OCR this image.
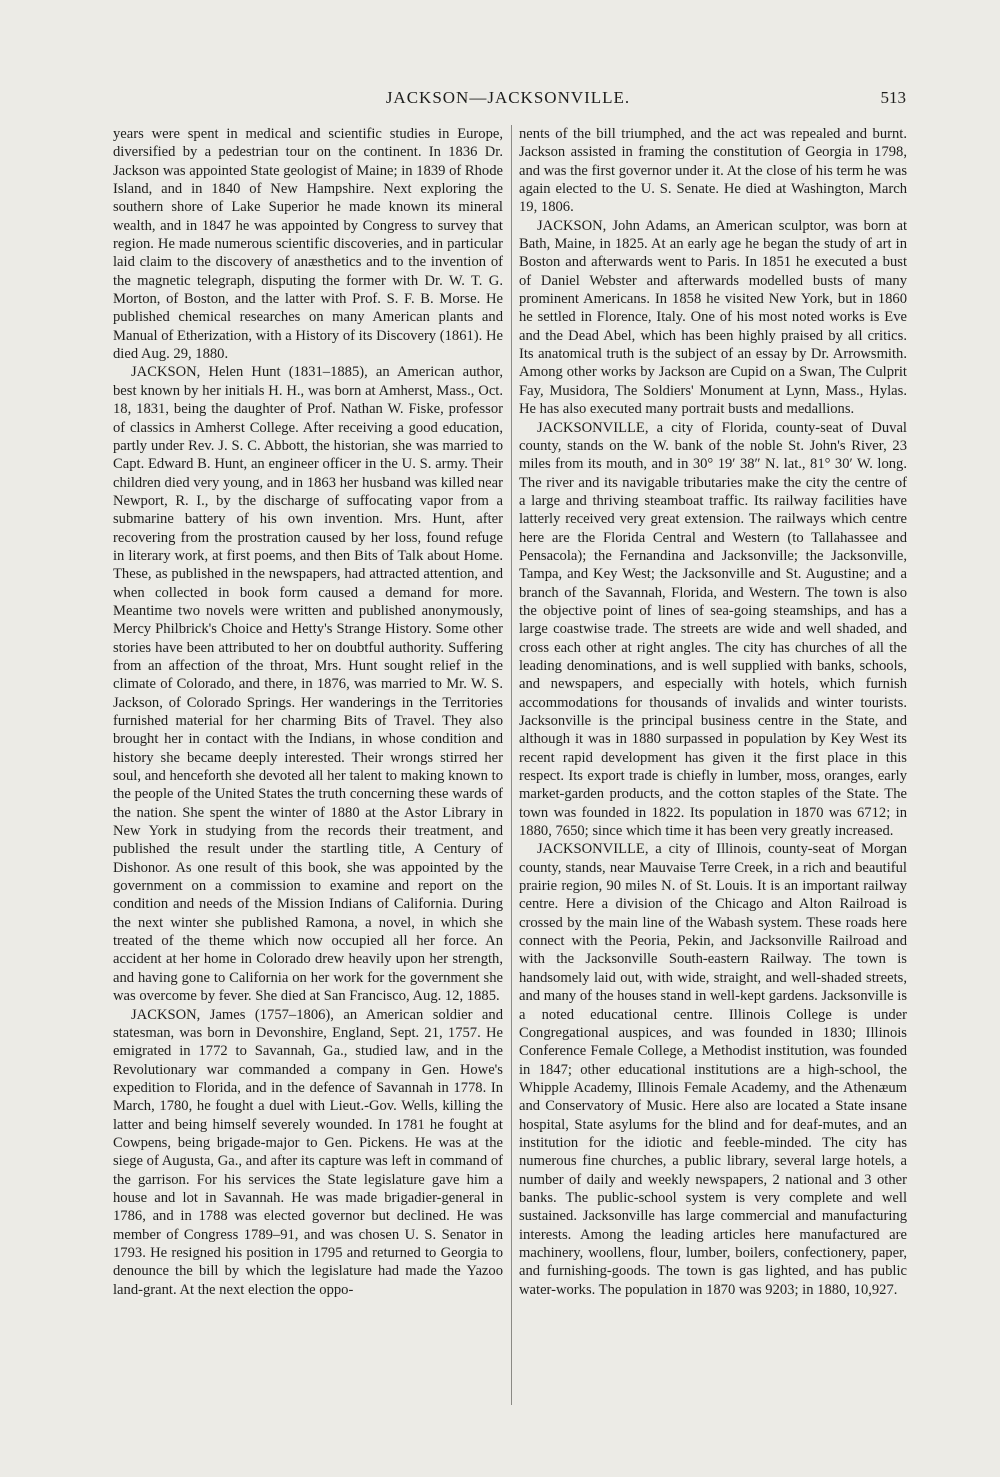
JACKSON—JACKSONVILLE.	513

years were spent in medical and scientific studies in Europe, diversified by a pedestrian tour on the continent. In 1836 Dr. Jackson was appointed State geologist of Maine; in 1839 of Rhode Island, and in 1840 of New Hampshire. Next exploring the southern shore of Lake Superior he made known its mineral wealth, and in 1847 he was appointed by Congress to survey that region. He made numerous scientific discoveries, and in particular laid claim to the discovery of anæsthetics and to the invention of the magnetic telegraph, disputing the former with Dr. W. T. G. Morton, of Boston, and the latter with Prof. S. F. B. Morse. He published chemical researches on many American plants and Manual of Etherization, with a History of its Discovery (1861). He died Aug. 29, 1880.

JACKSON, Helen Hunt (1831–1885), an American author, best known by her initials H. H., was born at Amherst, Mass., Oct. 18, 1831, being the daughter of Prof. Nathan W. Fiske, professor of classics in Amherst College. After receiving a good education, partly under Rev. J. S. C. Abbott, the historian, she was married to Capt. Edward B. Hunt, an engineer officer in the U. S. army. Their children died very young, and in 1863 her husband was killed near Newport, R. I., by the discharge of suffocating vapor from a submarine battery of his own invention. Mrs. Hunt, after recovering from the prostration caused by her loss, found refuge in literary work, at first poems, and then Bits of Talk about Home. These, as published in the newspapers, had attracted attention, and when collected in book form caused a demand for more. Meantime two novels were written and published anonymously, Mercy Philbrick's Choice and Hetty's Strange History. Some other stories have been attributed to her on doubtful authority. Suffering from an affection of the throat, Mrs. Hunt sought relief in the climate of Colorado, and there, in 1876, was married to Mr. W. S. Jackson, of Colorado Springs. Her wanderings in the Territories furnished material for her charming Bits of Travel. They also brought her in contact with the Indians, in whose condition and history she became deeply interested. Their wrongs stirred her soul, and henceforth she devoted all her talent to making known to the people of the United States the truth concerning these wards of the nation. She spent the winter of 1880 at the Astor Library in New York in studying from the records their treatment, and published the result under the startling title, A Century of Dishonor. As one result of this book, she was appointed by the government on a commission to examine and report on the condition and needs of the Mission Indians of California. During the next winter she published Ramona, a novel, in which she treated of the theme which now occupied all her force. An accident at her home in Colorado drew heavily upon her strength, and having gone to California on her work for the government she was overcome by fever. She died at San Francisco, Aug. 12, 1885.

JACKSON, James (1757–1806), an American soldier and statesman, was born in Devonshire, England, Sept. 21, 1757. He emigrated in 1772 to Savannah, Ga., studied law, and in the Revolutionary war commanded a company in Gen. Howe's expedition to Florida, and in the defence of Savannah in 1778. In March, 1780, he fought a duel with Lieut.-Gov. Wells, killing the latter and being himself severely wounded. In 1781 he fought at Cowpens, being brigade-major to Gen. Pickens. He was at the siege of Augusta, Ga., and after its capture was left in command of the garrison. For his services the State legislature gave him a house and lot in Savannah. He was made brigadier-general in 1786, and in 1788 was elected governor but declined. He was member of Congress 1789–91, and was chosen U. S. Senator in 1793. He resigned his position in 1795 and returned to Georgia to denounce the bill by which the legislature had made the Yazoo land-grant. At the next election the oppo-

nents of the bill triumphed, and the act was repealed and burnt. Jackson assisted in framing the constitution of Georgia in 1798, and was the first governor under it. At the close of his term he was again elected to the U. S. Senate. He died at Washington, March 19, 1806.

JACKSON, John Adams, an American sculptor, was born at Bath, Maine, in 1825. At an early age he began the study of art in Boston and afterwards went to Paris. In 1851 he executed a bust of Daniel Webster and afterwards modelled busts of many prominent Americans. In 1858 he visited New York, but in 1860 he settled in Florence, Italy. One of his most noted works is Eve and the Dead Abel, which has been highly praised by all critics. Its anatomical truth is the subject of an essay by Dr. Arrowsmith. Among other works by Jackson are Cupid on a Swan, The Culprit Fay, Musidora, The Soldiers' Monument at Lynn, Mass., Hylas. He has also executed many portrait busts and medallions.

JACKSONVILLE, a city of Florida, county-seat of Duval county, stands on the W. bank of the noble St. John's River, 23 miles from its mouth, and in 30° 19′ 38″ N. lat., 81° 30′ W. long. The river and its navigable tributaries make the city the centre of a large and thriving steamboat traffic. Its railway facilities have latterly received very great extension. The railways which centre here are the Florida Central and Western (to Tallahassee and Pensacola); the Fernandina and Jacksonville; the Jacksonville, Tampa, and Key West; the Jacksonville and St. Augustine; and a branch of the Savannah, Florida, and Western. The town is also the objective point of lines of sea-going steamships, and has a large coastwise trade. The streets are wide and well shaded, and cross each other at right angles. The city has churches of all the leading denominations, and is well supplied with banks, schools, and newspapers, and especially with hotels, which furnish accommodations for thousands of invalids and winter tourists. Jacksonville is the principal business centre in the State, and although it was in 1880 surpassed in population by Key West its recent rapid development has given it the first place in this respect. Its export trade is chiefly in lumber, moss, oranges, early market-garden products, and the cotton staples of the State. The town was founded in 1822. Its population in 1870 was 6712; in 1880, 7650; since which time it has been very greatly increased.

JACKSONVILLE, a city of Illinois, county-seat of Morgan county, stands, near Mauvaise Terre Creek, in a rich and beautiful prairie region, 90 miles N. of St. Louis. It is an important railway centre. Here a division of the Chicago and Alton Railroad is crossed by the main line of the Wabash system. These roads here connect with the Peoria, Pekin, and Jacksonville Railroad and with the Jacksonville South-eastern Railway. The town is handsomely laid out, with wide, straight, and well-shaded streets, and many of the houses stand in well-kept gardens. Jacksonville is a noted educational centre. Illinois College is under Congregational auspices, and was founded in 1830; Illinois Conference Female College, a Methodist institution, was founded in 1847; other educational institutions are a high-school, the Whipple Academy, Illinois Female Academy, and the Athenæum and Conservatory of Music. Here also are located a State insane hospital, State asylums for the blind and for deaf-mutes, and an institution for the idiotic and feeble-minded. The city has numerous fine churches, a public library, several large hotels, a number of daily and weekly newspapers, 2 national and 3 other banks. The public-school system is very complete and well sustained. Jacksonville has large commercial and manufacturing interests. Among the leading articles here manufactured are machinery, woollens, flour, lumber, boilers, confectionery, paper, and furnishing-goods. The town is gas lighted, and has public water-works. The population in 1870 was 9203; in 1880, 10,927.
